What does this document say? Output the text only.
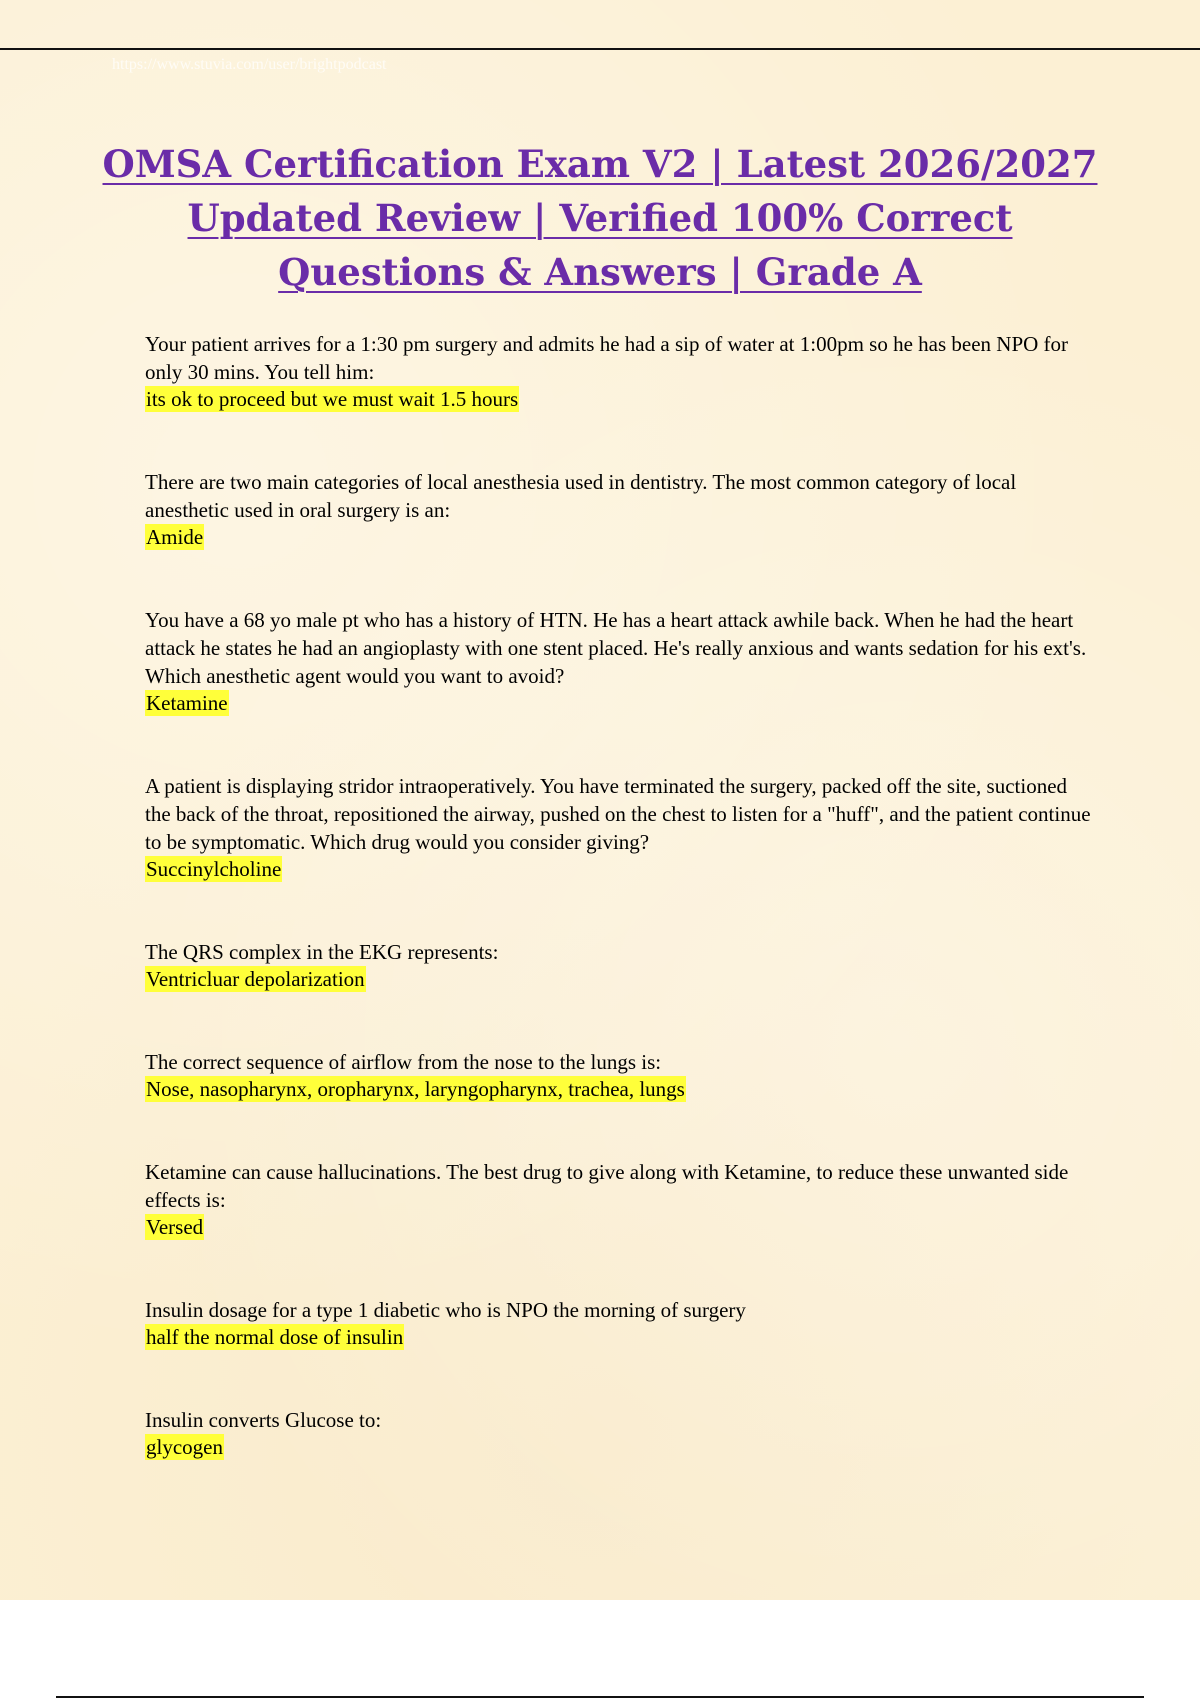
https://www.stuvia.com/user/brightpodcast
OMSA Certification Exam V2 | Latest 2026/2027 Updated Review | Verified 100% Correct Questions & Answers | Grade A
Your patient arrives for a 1:30 pm surgery and admits he had a sip of water at 1:00pm so he has been NPO for only 30 mins. You tell him:
its ok to proceed but we must wait 1.5 hours
There are two main categories of local anesthesia used in dentistry. The most common category of local anesthetic used in oral surgery is an:
Amide
You have a 68 yo male pt who has a history of HTN. He has a heart attack awhile back. When he had the heart attack he states he had an angioplasty with one stent placed. He's really anxious and wants sedation for his ext's. Which anesthetic agent would you want to avoid?
Ketamine
A patient is displaying stridor intraoperatively. You have terminated the surgery, packed off the site, suctioned the back of the throat, repositioned the airway, pushed on the chest to listen for a "huff", and the patient continue to be symptomatic. Which drug would you consider giving?
Succinylcholine
The QRS complex in the EKG represents:
Ventricluar depolarization
The correct sequence of airflow from the nose to the lungs is:
Nose, nasopharynx, oropharynx, laryngopharynx, trachea, lungs
Ketamine can cause hallucinations. The best drug to give along with Ketamine, to reduce these unwanted side effects is:
Versed
Insulin dosage for a type 1 diabetic who is NPO the morning of surgery
half the normal dose of insulin
Insulin converts Glucose to:
glycogen
